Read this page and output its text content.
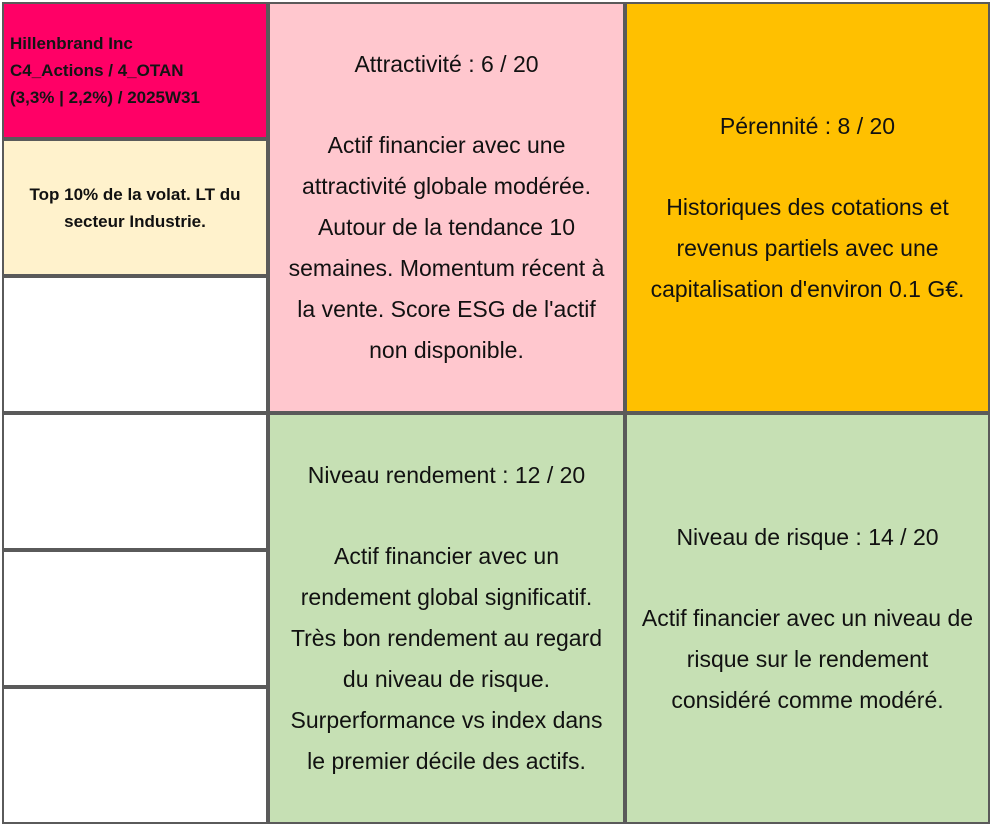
Hillenbrand Inc
C4_Actions / 4_OTAN
(3,3% | 2,2%) / 2025W31
Top 10% de la volat. LT du
secteur Industrie.
Attractivité : 6 / 20
Actif financier avec une
attractivité globale modérée.
Autour de la tendance 10
semaines. Momentum récent à
la vente. Score ESG de l'actif
non disponible.
Pérennité : 8 / 20
Historiques des cotations et
revenus partiels avec une
capitalisation d'environ 0.1 G€.
Niveau rendement : 12 / 20
Actif financier avec un
rendement global significatif.
Très bon rendement au regard
du niveau de risque.
Surperformance vs index dans
le premier décile des actifs.
Niveau de risque : 14 / 20
Actif financier avec un niveau de
risque sur le rendement
considéré comme modéré.
